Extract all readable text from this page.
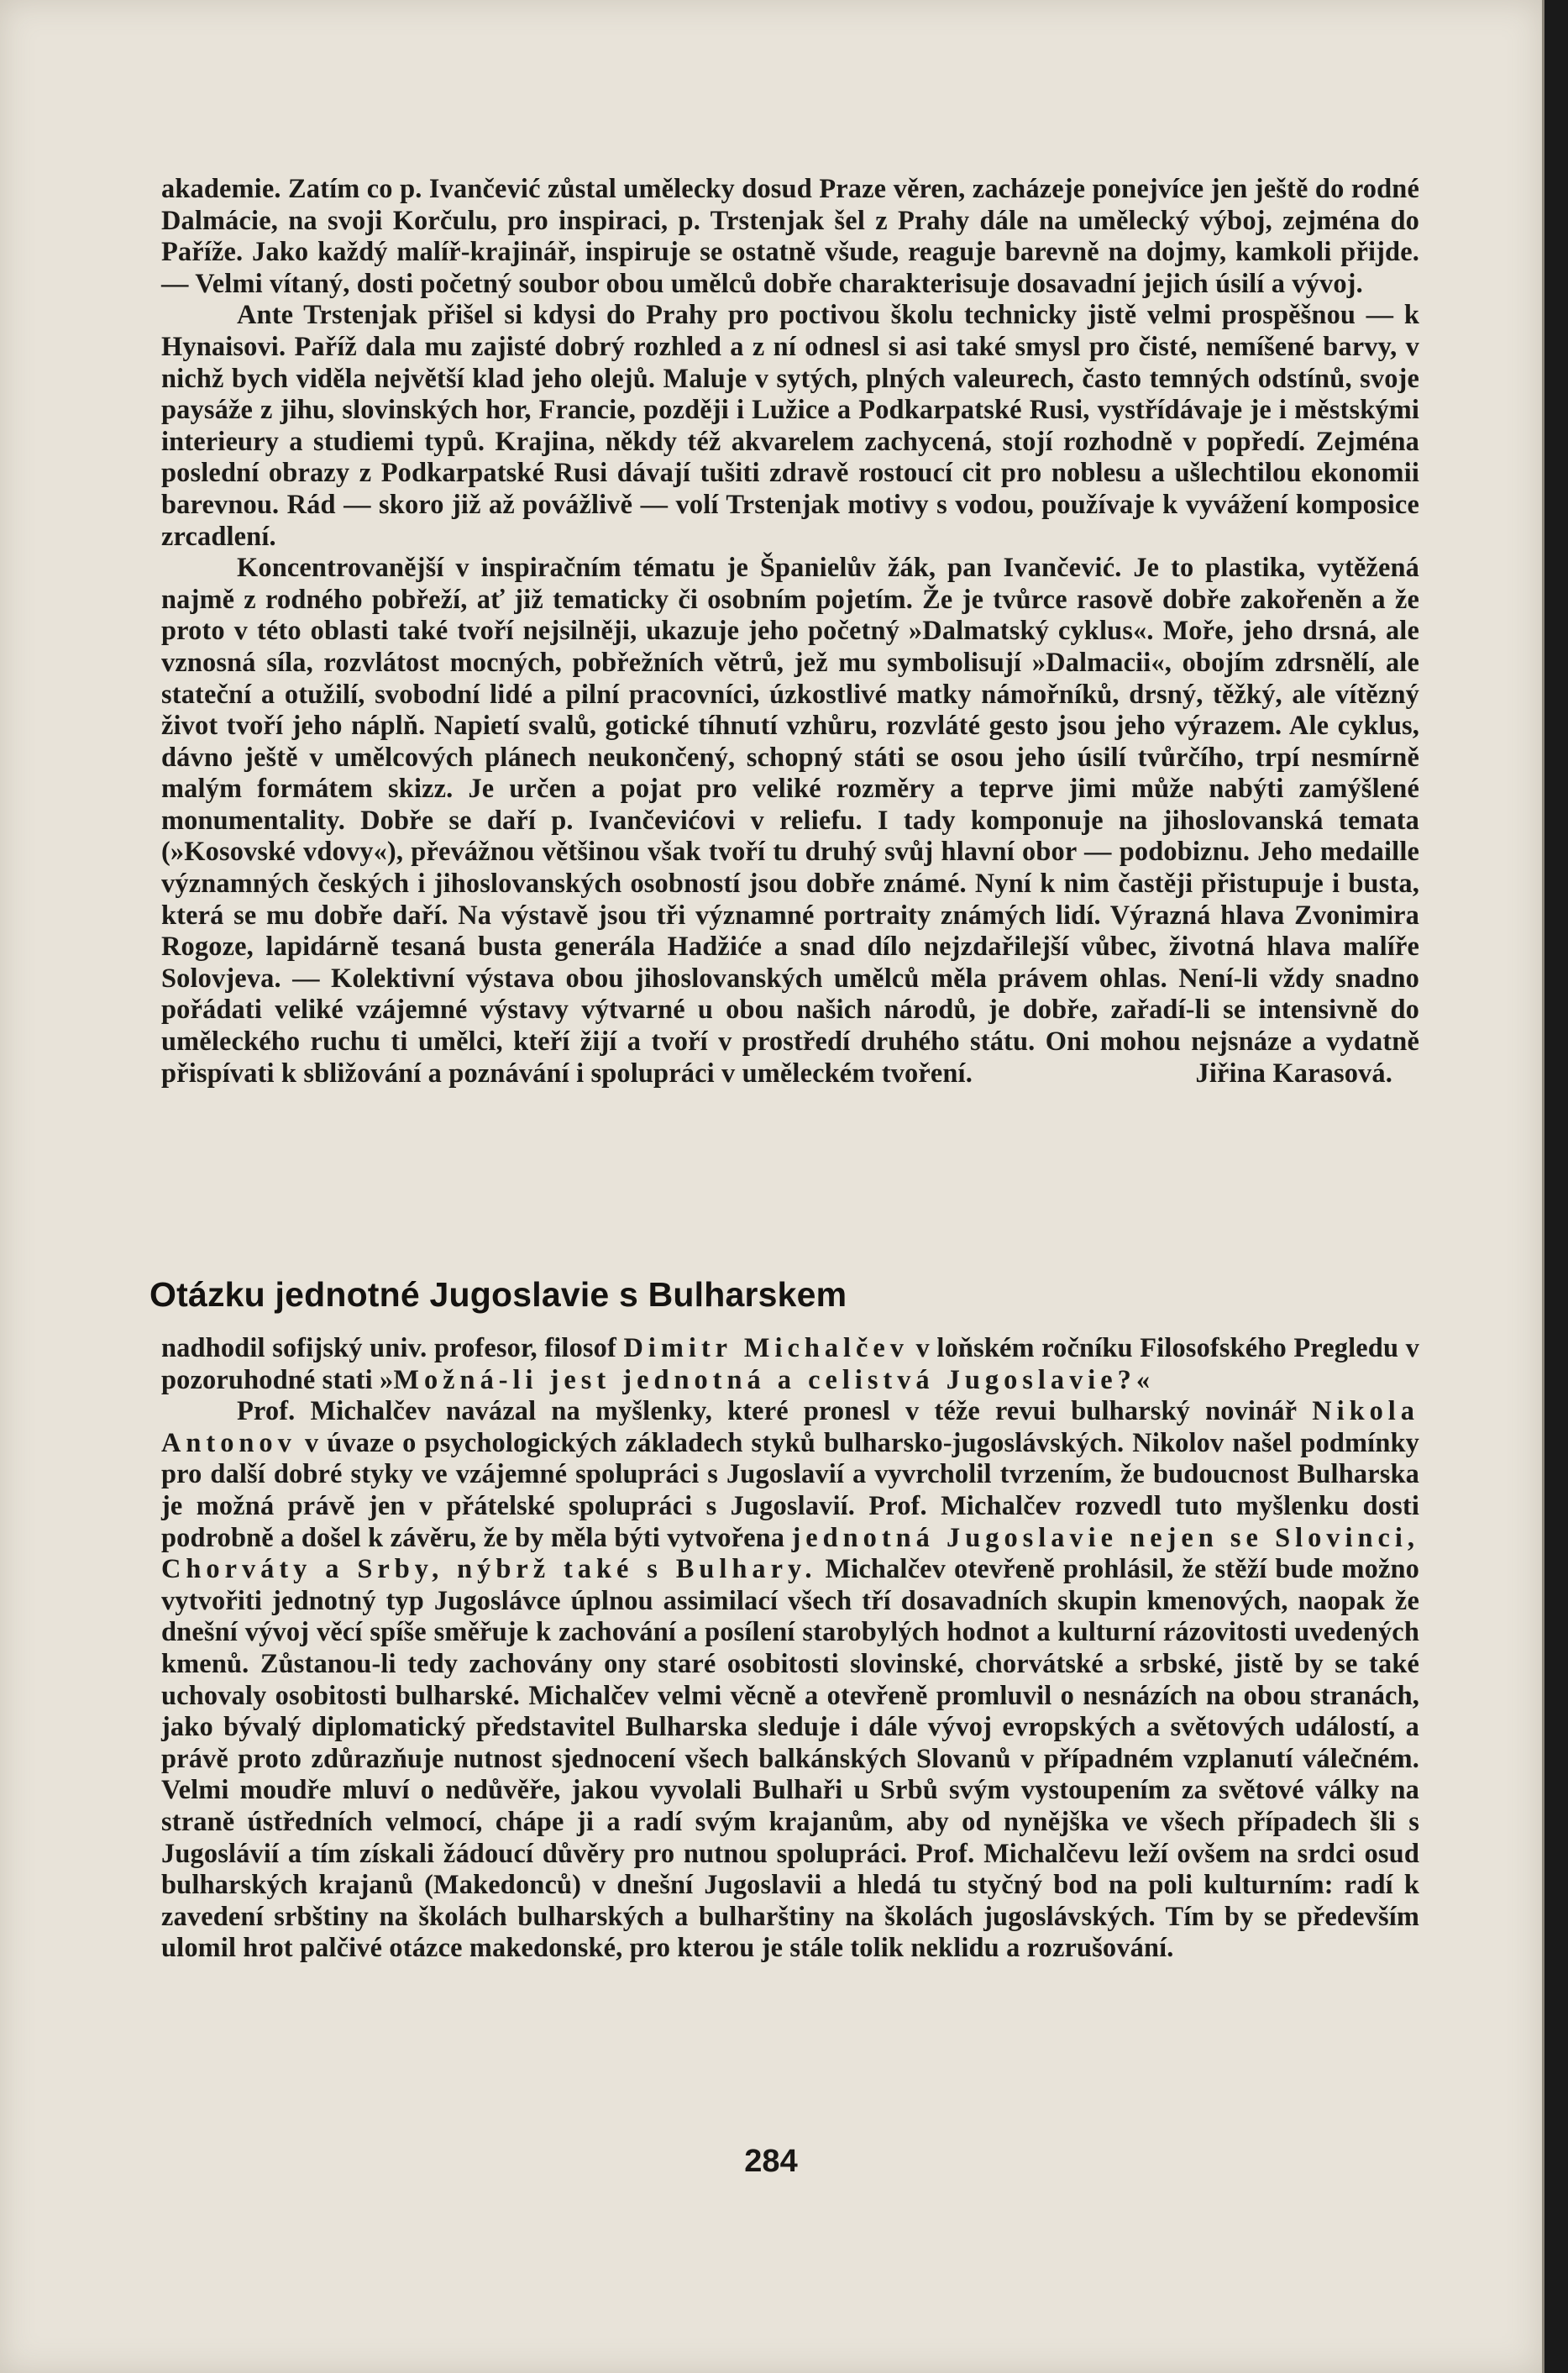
akademie. Zatím co p. Ivančević zůstal umělecky dosud Praze věren, zacházeje ponejvíce jen ještě do rodné Dalmácie, na svoji Korčulu, pro inspiraci, p. Trstenjak šel z Prahy dále na umělecký výboj, zejména do Paříže. Jako každý malíř-krajinář, inspiruje se ostatně všude, reaguje barevně na dojmy, kamkoli přijde. — Velmi vítaný, dosti početný soubor obou umělců dobře charakterisuje dosavadní jejich úsilí a vývoj.

Ante Trstenjak přišel si kdysi do Prahy pro poctivou školu technicky jistě velmi prospěšnou — k Hynaisovi. Paříž dala mu zajisté dobrý rozhled a z ní odnesl si asi také smysl pro čisté, nemíšené barvy, v nichž bych viděla největší klad jeho olejů. Maluje v sytých, plných valeurech, často temných odstínů, svoje paysáže z jihu, slovinských hor, Francie, později i Lužice a Podkarpatské Rusi, vystřídávaje je i městskými interieury a studiemi typů. Krajina, někdy též akvarelem zachycená, stojí rozhodně v popředí. Zejména poslední obrazy z Podkarpatské Rusi dávají tušiti zdravě rostoucí cit pro noblesu a ušlechtilou ekonomii barevnou. Rád — skoro již až povážlivě — volí Trstenjak motivy s vodou, používaje k vyvážení komposice zrcadlení.

Koncentrovanější v inspiračním tématu je Španielův žák, pan Ivančević. Je to plastika, vytěžená najmě z rodného pobřeží, ať již tematicky či osobním pojetím. Že je tvůrce rasově dobře zakořeněn a že proto v této oblasti také tvoří nejsilněji, ukazuje jeho početný »Dalmatský cyklus«. Moře, jeho drsná, ale vznosná síla, rozvlátost mocných, pobřežních větrů, jež mu symbolisují »Dalmacii«, obojím zdrsnělí, ale stateční a otužilí, svobodní lidé a pilní pracovníci, úzkostlivé matky námořníků, drsný, těžký, ale vítězný život tvoří jeho náplň. Napietí svalů, gotické tíhnutí vzhůru, rozvláté gesto jsou jeho výrazem. Ale cyklus, dávno ještě v umělcových plánech neukončený, schopný státi se osou jeho úsilí tvůrčího, trpí nesmírně malým formátem skizz. Je určen a pojat pro veliké rozměry a teprve jimi může nabýti zamýšlené monumentality. Dobře se daří p. Ivančevićovi v reliefu. I tady komponuje na jihoslovanská temata (»Kosovské vdovy«), převážnou většinou však tvoří tu druhý svůj hlavní obor — podobiznu. Jeho medaille významných českých i jihoslovanských osobností jsou dobře známé. Nyní k nim častěji přistupuje i busta, která se mu dobře daří. Na výstavě jsou tři významné portraity známých lidí. Výrazná hlava Zvonimira Rogoze, lapidárně tesaná busta generála Hadžiće a snad dílo nejzdařilejší vůbec, životná hlava malíře Solovjeva. — Kolektivní výstava obou jihoslovanských umělců měla právem ohlas. Není-li vždy snadno pořádati veliké vzájemné výstavy výtvarné u obou našich národů, je dobře, zařadí-li se intensivně do uměleckého ruchu ti umělci, kteří žijí a tvoří v prostředí druhého státu. Oni mohou nejsnáze a vydatně přispívati k sbližování a poznávání i spolupráci v uměleckém tvoření.	Jiřina Karasová.

Otázku jednotné Jugoslavie s Bulharskem

nadhodil sofijský univ. profesor, filosof Dimitr Michalčev v loňském ročníku Filosofského Pregledu v pozoruhodné stati »Možná-li jest jednotná a celistvá Jugoslavie?«

Prof. Michalčev navázal na myšlenky, které pronesl v téže revui bulharský novinář Nikola Antonov v úvaze o psychologických základech styků bulharsko-jugoslávských. Nikolov našel podmínky pro další dobré styky ve vzájemné spolupráci s Jugoslavií a vyvrcholil tvrzením, že budoucnost Bulharska je možná právě jen v přátelské spolupráci s Jugoslavií. Prof. Michalčev rozvedl tuto myšlenku dosti podrobně a došel k závěru, že by měla býti vytvořena jednotná Jugoslavie nejen se Slovinci, Chorváty a Srby, nýbrž také s Bulhary. Michalčev otevřeně prohlásil, že stěží bude možno vytvořiti jednotný typ Jugoslávce úplnou assimilací všech tří dosavadních skupin kmenových, naopak že dnešní vývoj věcí spíše směřuje k zachování a posílení starobylých hodnot a kulturní rázovitosti uvedených kmenů. Zůstanou-li tedy zachovány ony staré osobitosti slovinské, chorvátské a srbské, jistě by se také uchovaly osobitosti bulharské. Michalčev velmi věcně a otevřeně promluvil o nesnázích na obou stranách, jako bývalý diplomatický představitel Bulharska sleduje i dále vývoj evropských a světových událostí, a právě proto zdůrazňuje nutnost sjednocení všech balkánských Slovanů v případném vzplanutí válečném. Velmi moudře mluví o nedůvěře, jakou vyvolali Bulhaři u Srbů svým vystoupením za světové války na straně ústředních velmocí, chápe ji a radí svým krajanům, aby od nynějška ve všech případech šli s Jugoslávií a tím získali žádoucí důvěry pro nutnou spolupráci. Prof. Michalčevu leží ovšem na srdci osud bulharských krajanů (Makedonců) v dnešní Jugoslavii a hledá tu styčný bod na poli kulturním: radí k zavedení srbštiny na školách bulharských a bulharštiny na školách jugoslávských. Tím by se především ulomil hrot palčivé otázce makedonské, pro kterou je stále tolik neklidu a rozrušování.

284
